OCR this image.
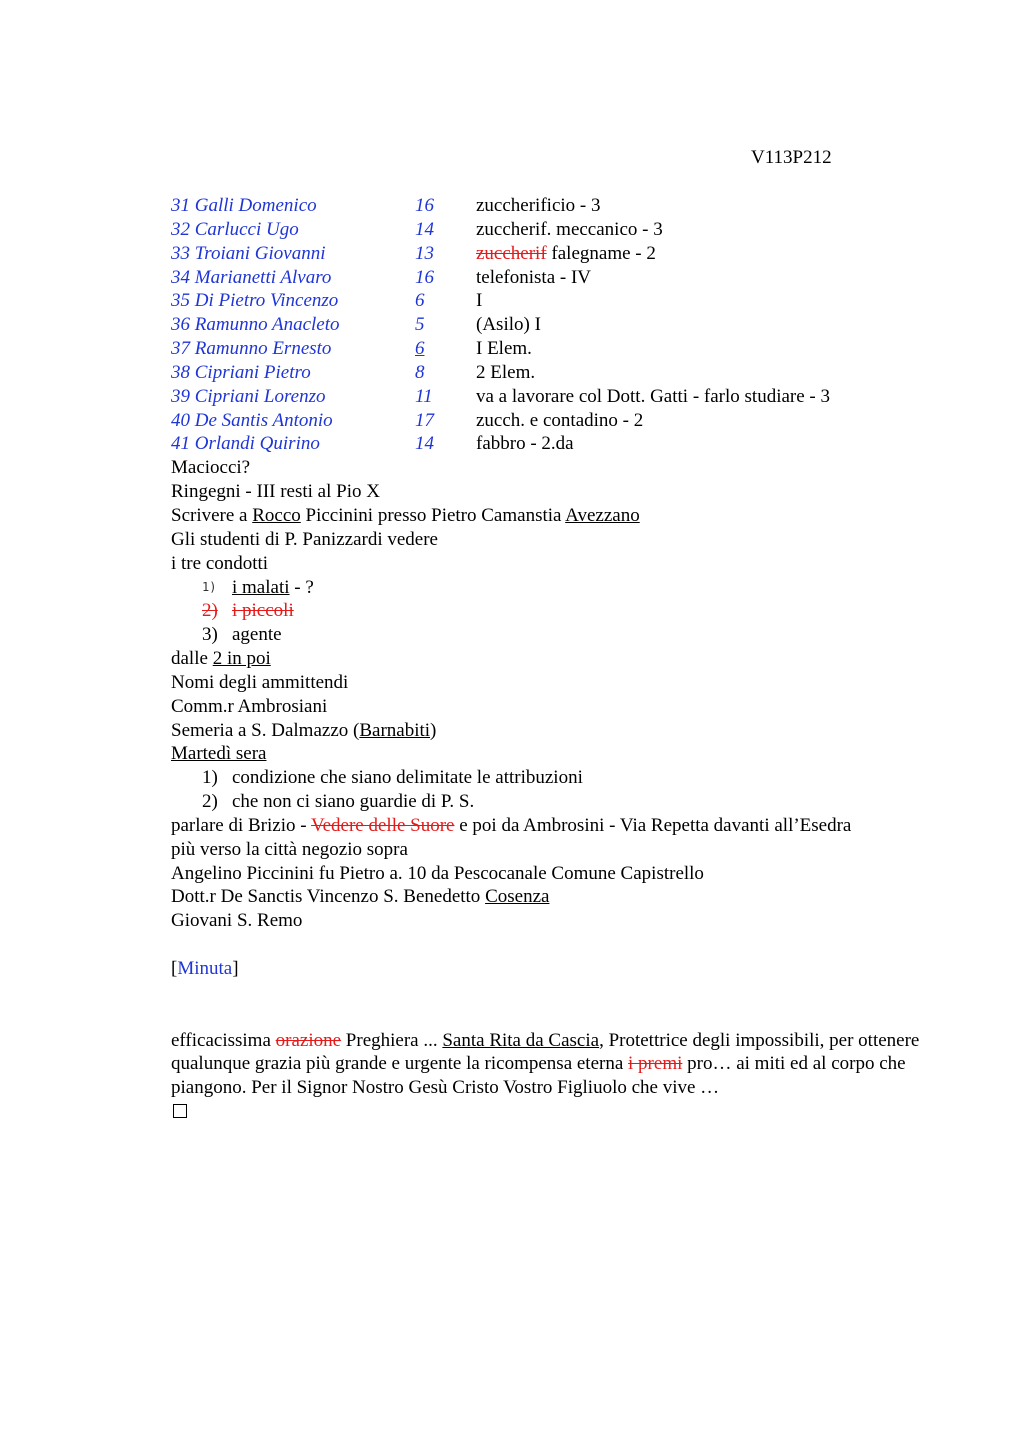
V113P212
31 Galli Domenico	16	zuccherificio - 3
32 Carlucci Ugo	14	zuccherif. meccanico - 3
33 Troiani Giovanni	13	zuccherif falegname - 2
34 Marianetti Alvaro	16	telefonista - IV
35 Di Pietro Vincenzo	6	I
36 Ramunno Anacleto	5	(Asilo) I
37 Ramunno Ernesto	6	I Elem.
38 Cipriani Pietro	8	2 Elem.
39 Cipriani Lorenzo	11	va a lavorare col Dott. Gatti - farlo studiare - 3
40 De Santis Antonio	17	zucch. e contadino - 2
41 Orlandi Quirino	14	fabbro - 2.da
Maciocci?
Ringegni - III resti al Pio X
Scrivere a Rocco Piccinini presso Pietro Camanstia Avezzano
Gli studenti di P. Panizzardi vedere
i tre condotti
1) i malati - ?
2) i piccoli
3) agente
dalle 2 in poi
Nomi degli ammittendi
Comm.r Ambrosiani
Semeria a S. Dalmazzo (Barnabiti)
Martedì sera
1) condizione che siano delimitate le attribuzioni
2) che non ci siano guardie di P. S.
parlare di Brizio - Vedere delle Suore e poi da Ambrosini - Via Repetta davanti all’Esedra
più verso la città negozio sopra
Angelino Piccinini fu Pietro a. 10 da Pescocanale Comune Capistrello
Dott.r De Sanctis Vincenzo S. Benedetto Cosenza
Giovani S. Remo
[Minuta]
efficacissima orazione Preghiera ... Santa Rita da Cascia, Protettrice degli impossibili, per ottenere qualunque grazia più grande e urgente la ricompensa eterna i premi pro… ai miti ed al corpo che piangono. Per il Signor Nostro Gesù Cristo Vostro Figliuolo che vive …
